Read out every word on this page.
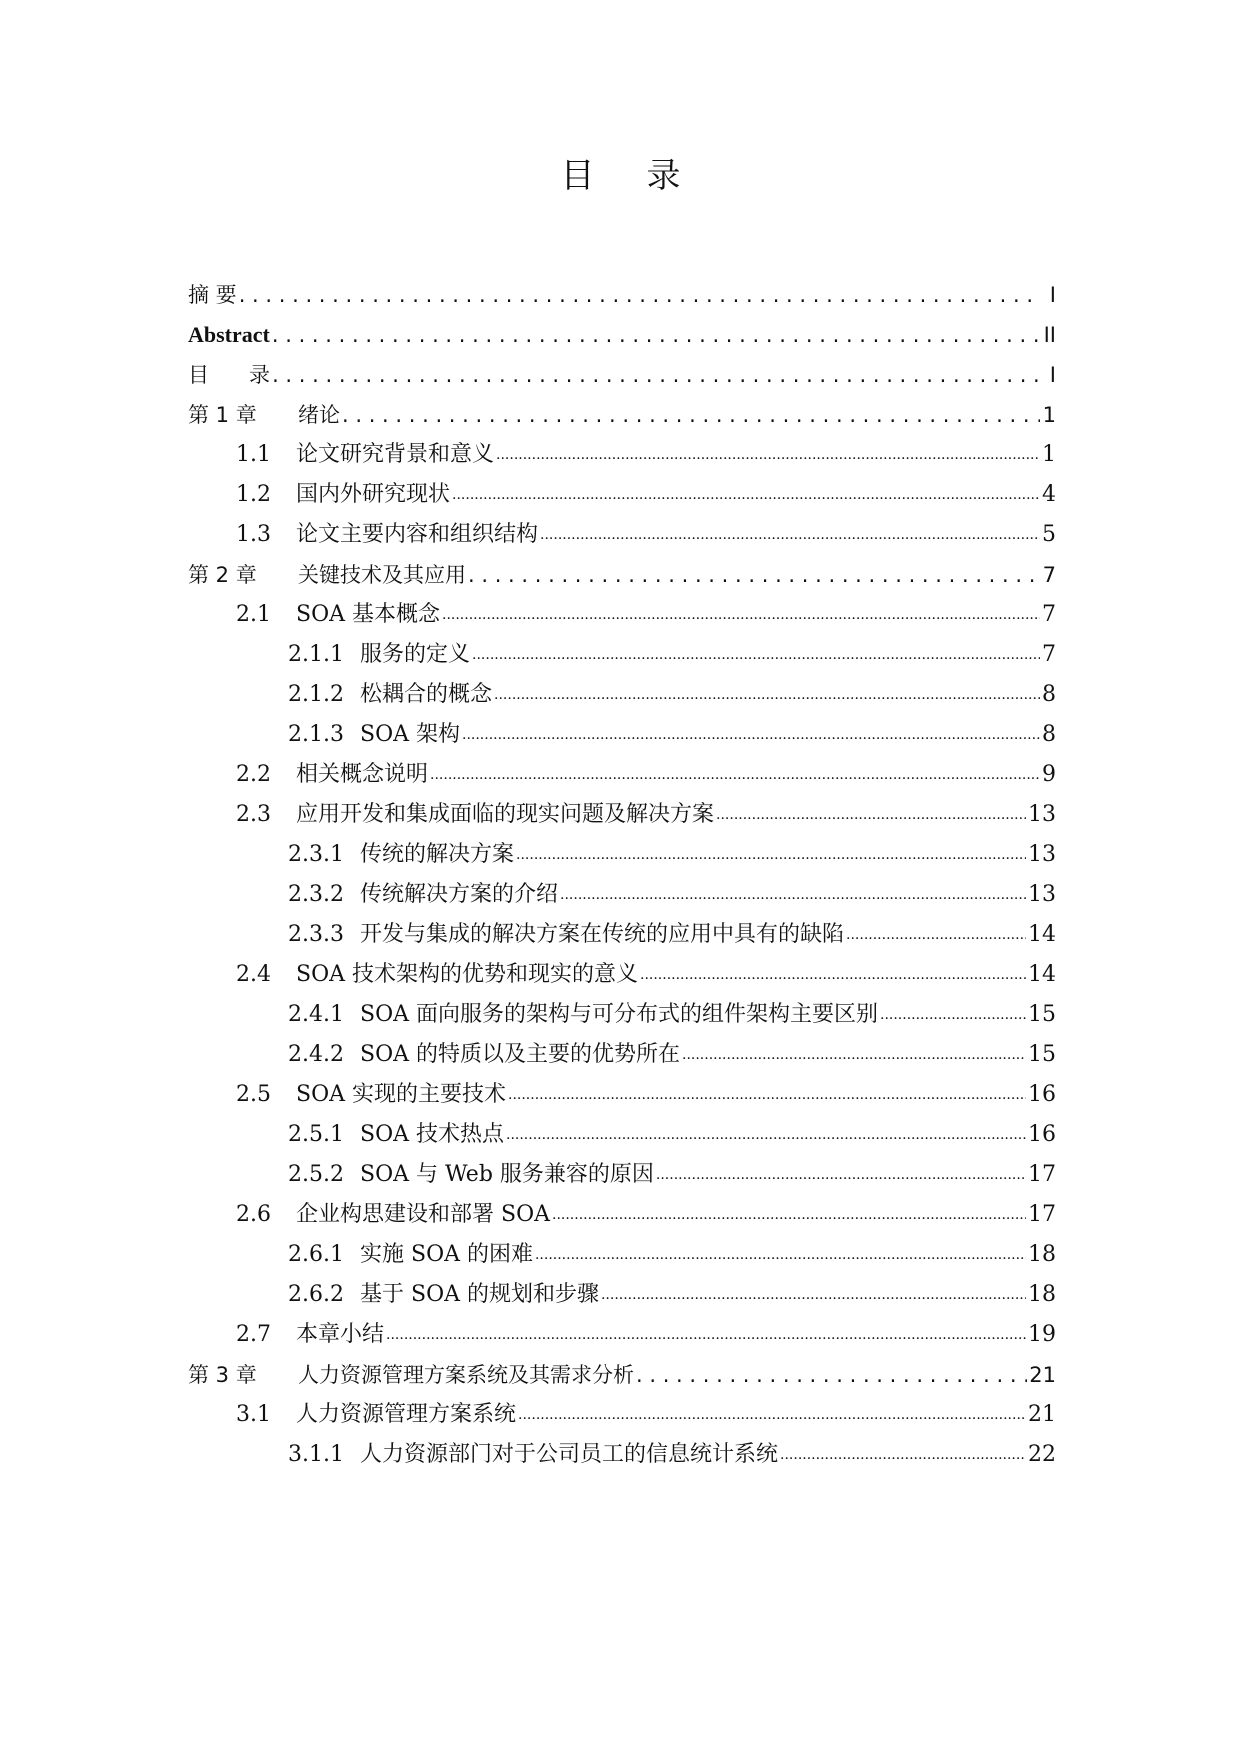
目 录
摘 要 . . .	I
Abstract . . .	II
目      录 . . .	I
第 1 章	绪论 . . .	1
1.1	论文研究背景和意义 .....	1
1.2	国内外研究现状 .....	4
1.3	论文主要内容和组织结构 .....	5
第 2 章	关键技术及其应用 . . .	7
2.1	SOA 基本概念 .....	7
2.1.1 服务的定义 .....	7
2.1.2 松耦合的概念 .....	8
2.1.3 SOA 架构 .....	8
2.2	相关概念说明 .....	9
2.3	应用开发和集成面临的现实问题及解决方案 .....	13
2.3.1 传统的解决方案 .....	13
2.3.2 传统解决方案的介绍 .....	13
2.3.3 开发与集成的解决方案在传统的应用中具有的缺陷 .....	14
2.4	SOA 技术架构的优势和现实的意义 .....	14
2.4.1 SOA 面向服务的架构与可分布式的组件架构主要区别 .....	15
2.4.2 SOA 的特质以及主要的优势所在 .....	15
2.5	SOA 实现的主要技术 .....	16
2.5.1 SOA 技术热点 .....	16
2.5.2 SOA 与 Web 服务兼容的原因 .....	17
2.6	企业构思建设和部署 SOA .....	17
2.6.1 实施 SOA 的困难 .....	18
2.6.2 基于 SOA 的规划和步骤 .....	18
2.7	本章小结 .....	19
第 3 章	人力资源管理方案系统及其需求分析 . . .	21
3.1	人力资源管理方案系统 .....	21
3.1.1 人力资源部门对于公司员工的信息统计系统 .....	22
